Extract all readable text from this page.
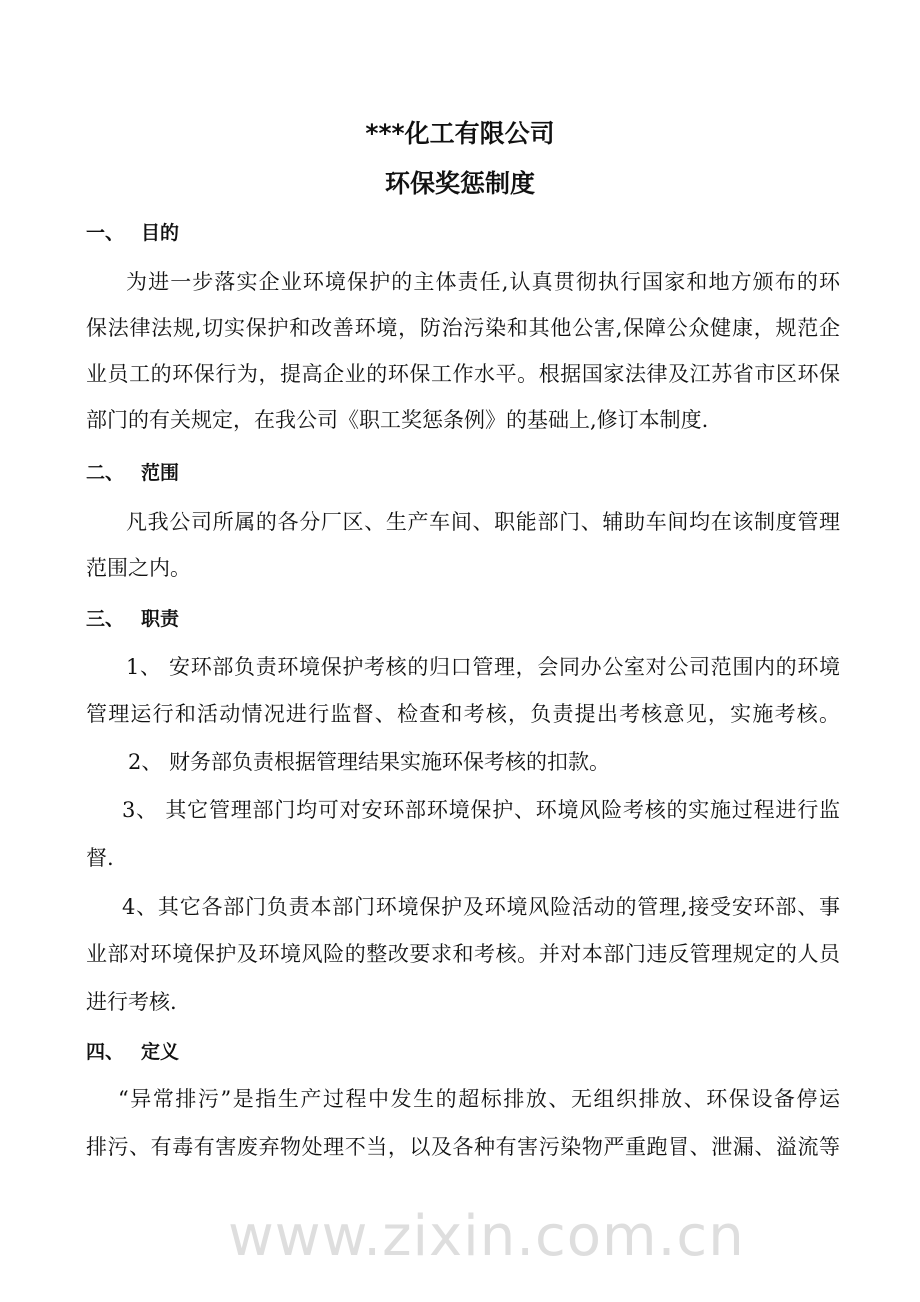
www.zixin.com.cn
***化工有限公司
环保奖惩制度
一、 目的
为进一步落实企业环境保护的主体责任,认真贯彻执行国家和地方颁布的环
保法律法规,切实保护和改善环境，防治污染和其他公害,保障公众健康，规范企
业员工的环保行为，提高企业的环保工作水平。根据国家法律及江苏省市区环保
部门的有关规定，在我公司《职工奖惩条例》的基础上,修订本制度.
二、 范围
凡我公司所属的各分厂区、生产车间、职能部门、辅助车间均在该制度管理
范围之内。
三、 职责
1、 安环部负责环境保护考核的归口管理，会同办公室对公司范围内的环境
管理运行和活动情况进行监督、检查和考核，负责提出考核意见，实施考核。
2、 财务部负责根据管理结果实施环保考核的扣款。
3、 其它管理部门均可对安环部环境保护、环境风险考核的实施过程进行监
督.
4、其它各部门负责本部门环境保护及环境风险活动的管理,接受安环部、事
业部对环境保护及环境风险的整改要求和考核。并对本部门违反管理规定的人员
进行考核.
四、 定义
“异常排污”是指生产过程中发生的超标排放、无组织排放、环保设备停运
排污、有毒有害废弃物处理不当，以及各种有害污染物严重跑冒、泄漏、溢流等
